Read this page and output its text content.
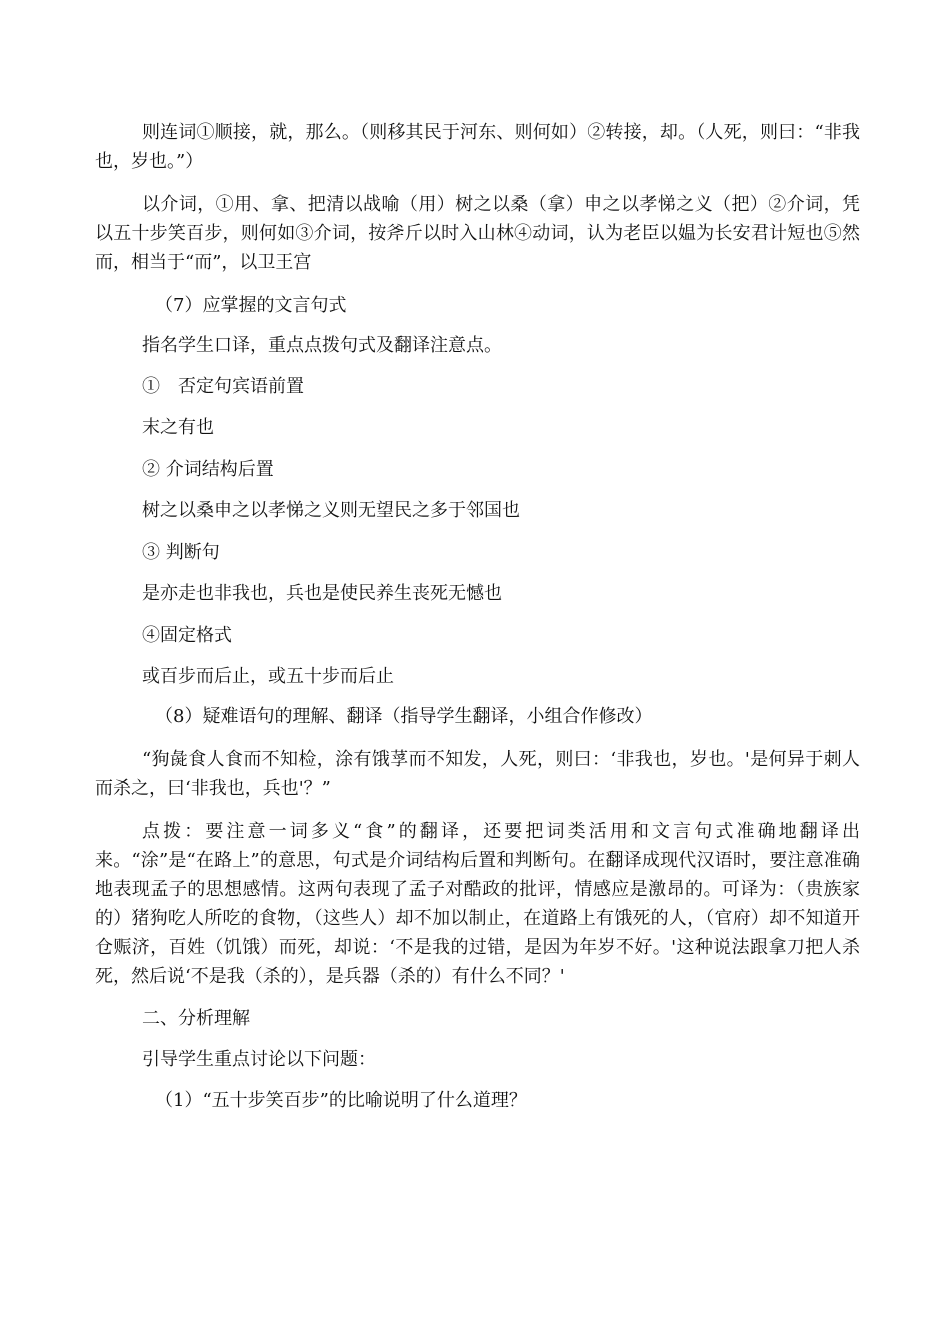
则连词①顺接，就，那么。（则移其民于河东、则何如）②转接，却。（人死，则曰：“非我也，岁也。”）

以介词，①用、拿、把清以战喻（用）树之以桑（拿）申之以孝悌之义（把）②介词，凭以五十步笑百步，则何如③介词，按斧斤以时入山林④动词，认为老臣以媪为长安君计短也⑤然而，相当于“而”，以卫王宫

（7）应掌握的文言句式

指名学生口译，重点点拨句式及翻译注意点。

①　否定句宾语前置

末之有也

② 介词结构后置

树之以桑申之以孝悌之义则无望民之多于邻国也

③ 判断句

是亦走也非我也，兵也是使民养生丧死无憾也

④固定格式

或百步而后止，或五十步而后止

（8）疑难语句的理解、翻译（指导学生翻译，小组合作修改）

“狗彘食人食而不知检，涂有饿莩而不知发，人死，则曰：‘非我也，岁也。'是何异于刺人而杀之，曰‘非我也，兵也'？”

点拨：要注意一词多义“食”的翻译，还要把词类活用和文言句式准确地翻译出来。“涂”是“在路上”的意思，句式是介词结构后置和判断句。在翻译成现代汉语时，要注意准确地表现孟子的思想感情。这两句表现了孟子对酷政的批评，情感应是激昂的。可译为：（贵族家的）猪狗吃人所吃的食物，（这些人）却不加以制止，在道路上有饿死的人，（官府）却不知道开仓赈济，百姓（饥饿）而死，却说：‘不是我的过错，是因为年岁不好。'这种说法跟拿刀把人杀死，然后说‘不是我（杀的），是兵器（杀的）有什么不同？'

二、分析理解

引导学生重点讨论以下问题：

（1）“五十步笑百步”的比喻说明了什么道理？
